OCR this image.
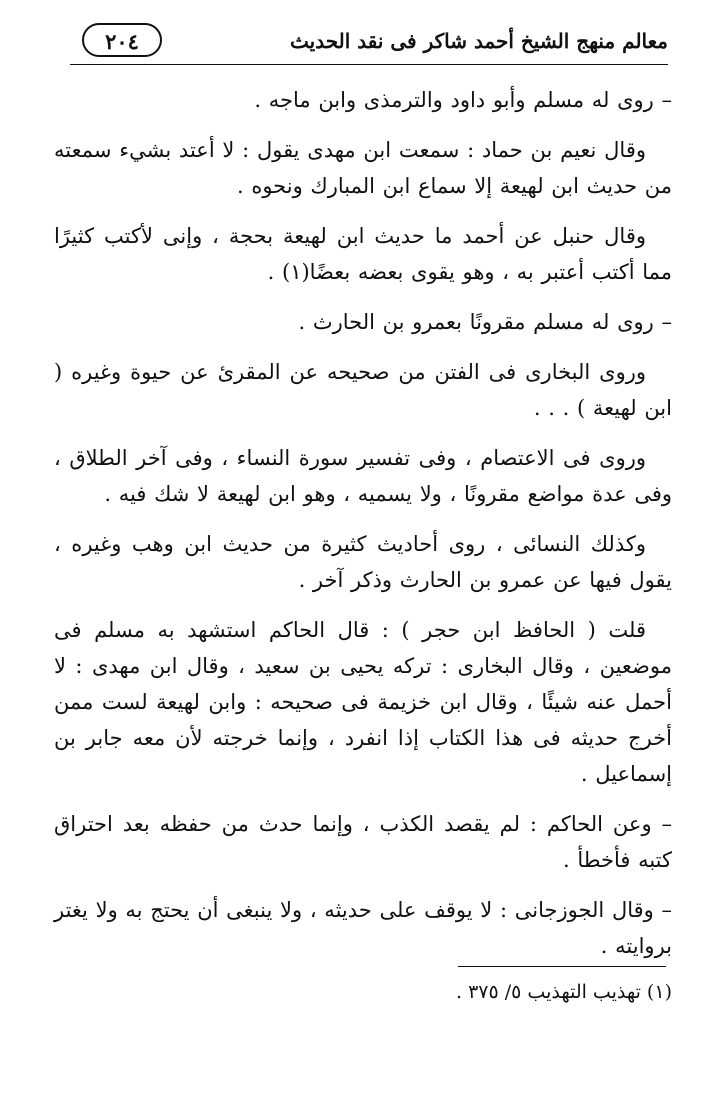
معالم منهج الشيخ أحمد شاكر فى نقد الحديث
٢٠٤

– روى له مسلم وأبو داود والترمذى وابن ماجه .

وقال نعيم بن حماد : سمعت ابن مهدى يقول : لا أعتد بشيء سمعته من حديث ابن لهيعة إلا سماع ابن المبارك ونحوه .

وقال حنبل عن أحمد ما حديث ابن لهيعة بحجة ، وإنى لأكتب كثيرًا مما أكتب أعتبر به ، وهو يقوى بعضه بعضًا(١) .

– روى له مسلم مقرونًا بعمرو بن الحارث .

وروى البخارى فى الفتن من صحيحه عن المقرئ عن حيوة وغيره ( ابن لهيعة ) . . .

وروى فى الاعتصام ، وفى تفسير سورة النساء ، وفى آخر الطلاق ، وفى عدة مواضع مقرونًا ، ولا يسميه ، وهو ابن لهيعة لا شك فيه .

وكذلك النسائى ، روى أحاديث كثيرة من حديث ابن وهب وغيره ، يقول فيها عن عمرو بن الحارث وذكر آخر .

قلت ( الحافظ ابن حجر ) : قال الحاكم استشهد به مسلم فى موضعين ، وقال البخارى : تركه يحيى بن سعيد ، وقال ابن مهدى : لا أحمل عنه شيئًا ، وقال ابن خزيمة فى صحيحه : وابن لهيعة لست ممن أخرج حديثه فى هذا الكتاب إذا انفرد ، وإنما خرجته لأن معه جابر بن إسماعيل .

– وعن الحاكم : لم يقصد الكذب ، وإنما حدث من حفظه بعد احتراق كتبه فأخطأ .

– وقال الجوزجانى : لا يوقف على حديثه ، ولا ينبغى أن يحتج به ولا يغتر بروايته .

(١) تهذيب التهذيب ٥/ ٣٧٥ .
